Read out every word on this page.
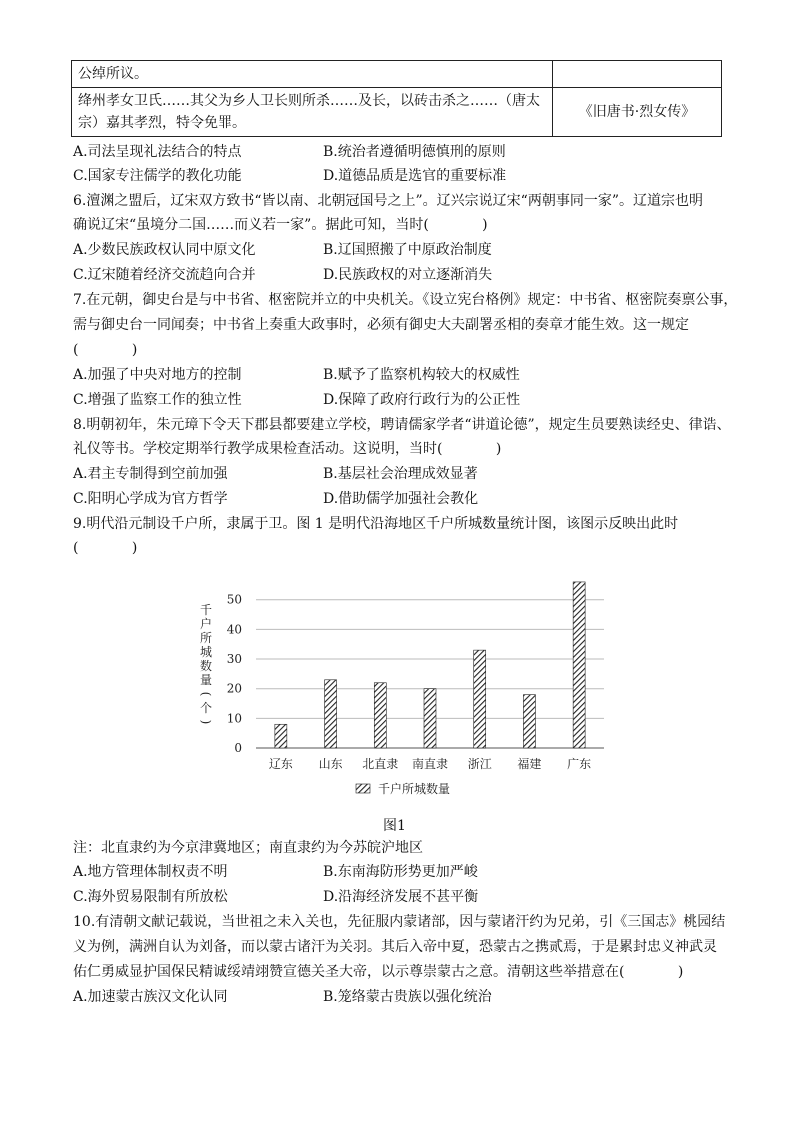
公绰所议。	
绛州孝女卫氏……其父为乡人卫长则所杀……及长，以砖击杀之……（唐太宗）嘉其孝烈，特令免罪。	《旧唐书·烈女传》
A.司法呈现礼法结合的特点	B.统治者遵循明德慎刑的原则
C.国家专注儒学的教化功能	D.道德品质是选官的重要标准
6.澶渊之盟后，辽宋双方致书“皆以南、北朝冠国号之上”。辽兴宗说辽宋“两朝事同一家”。辽道宗也明
确说辽宋“虽境分二国……而义若一家”。据此可知，当时(            )
A.少数民族政权认同中原文化	B.辽国照搬了中原政治制度
C.辽宋随着经济交流趋向合并	D.民族政权的对立逐渐消失
7.在元朝，御史台是与中书省、枢密院并立的中央机关。《设立宪台格例》规定：中书省、枢密院奏禀公事，
需与御史台一同闻奏；中书省上奏重大政事时，必须有御史大夫副署丞相的奏章才能生效。这一规定
(            )
A.加强了中央对地方的控制	B.赋予了监察机构较大的权威性
C.增强了监察工作的独立性	D.保障了政府行政行为的公正性
8.明朝初年，朱元璋下令天下郡县都要建立学校，聘请儒家学者“讲道论德”，规定生员要熟读经史、律诰、
礼仪等书。学校定期举行教学成果检查活动。这说明，当时(            )
A.君主专制得到空前加强	B.基层社会治理成效显著
C.阳明心学成为官方哲学	D.借助儒学加强社会教化
9.明代沿元制设千户所，隶属于卫。图 1 是明代沿海地区千户所城数量统计图，该图示反映出此时
(            )
千
户
所
城
数
量
(
个
)
0
10
20
30
40
50
辽东 山东 北直隶 南直隶 浙江 福建 广东
千户所城数量
图1
注：北直隶约为今京津冀地区；南直隶约为今苏皖沪地区
A.地方管理体制权责不明	B.东南海防形势更加严峻
C.海外贸易限制有所放松	D.沿海经济发展不甚平衡
10.有清朝文献记载说，当世祖之未入关也，先征服内蒙诸部，因与蒙诸汗约为兄弟，引《三国志》桃园结
义为例，满洲自认为刘备，而以蒙古诸汗为关羽。其后入帝中夏，恐蒙古之携贰焉，于是累封忠义神武灵
佑仁勇威显护国保民精诚绥靖翊赞宣德关圣大帝，以示尊崇蒙古之意。清朝这些举措意在(            )
A.加速蒙古族汉文化认同	B.笼络蒙古贵族以强化统治
